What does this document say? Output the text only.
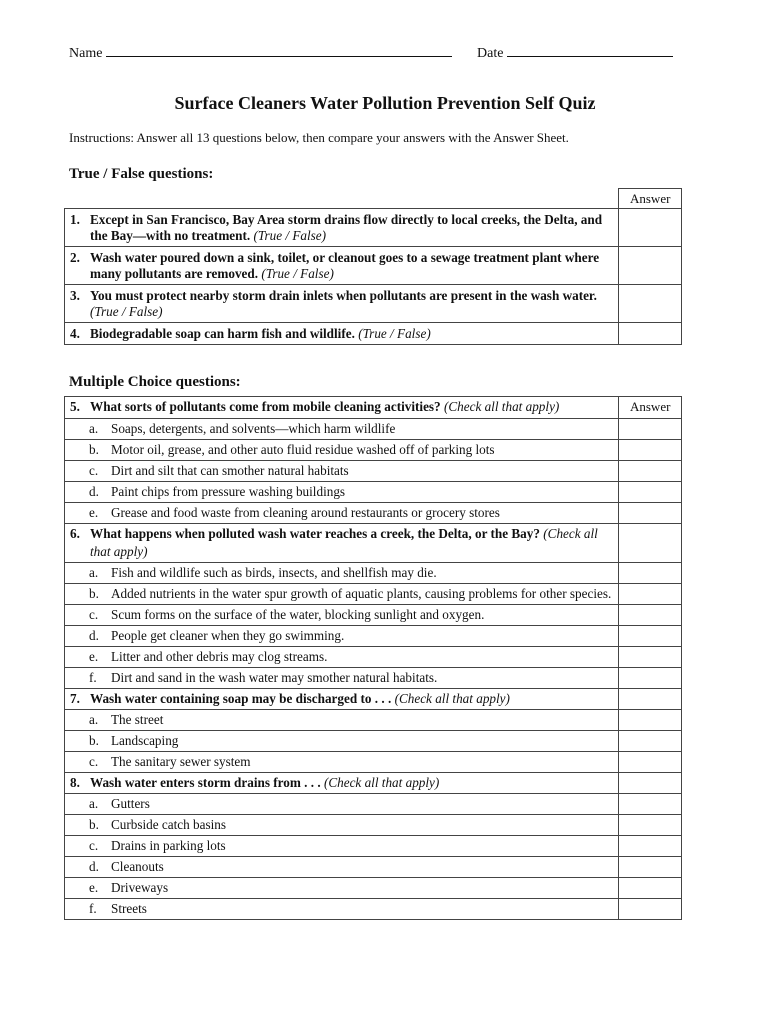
Name	Date
Surface Cleaners Water Pollution Prevention Self Quiz
Instructions: Answer all 13 questions below, then compare your answers with the Answer Sheet.
True / False questions:
	Answer

1. Except in San Francisco, Bay Area storm drains flow directly to local creeks, the Delta, and the Bay—with no treatment. (True / False)	

2. Wash water poured down a sink, toilet, or cleanout goes to a sewage treatment plant where many pollutants are removed. (True / False)	

3. You must protect nearby storm drain inlets when pollutants are present in the wash water. (True / False)	

4. Biodegradable soap can harm fish and wildlife. (True / False)	

Multiple Choice questions:
5. What sorts of pollutants come from mobile cleaning activities? (Check all that apply)	Answer

a. Soaps, detergents, and solvents—which harm wildlife	

b. Motor oil, grease, and other auto fluid residue washed off of parking lots	

c. Dirt and silt that can smother natural habitats	

d. Paint chips from pressure washing buildings	

e. Grease and food waste from cleaning around restaurants or grocery stores	

6. What happens when polluted wash water reaches a creek, the Delta, or the Bay? (Check all that apply)	

a. Fish and wildlife such as birds, insects, and shellfish may die.	

b. Added nutrients in the water spur growth of aquatic plants, causing problems for other species.	

c. Scum forms on the surface of the water, blocking sunlight and oxygen.	

d. People get cleaner when they go swimming.	

e. Litter and other debris may clog streams.	

f. Dirt and sand in the wash water may smother natural habitats.	

7. Wash water containing soap may be discharged to . . . (Check all that apply)	

a. The street	

b. Landscaping	

c. The sanitary sewer system	

8. Wash water enters storm drains from . . . (Check all that apply)	

a. Gutters	

b. Curbside catch basins	

c. Drains in parking lots	

d. Cleanouts	

e. Driveways	

f. Streets	
